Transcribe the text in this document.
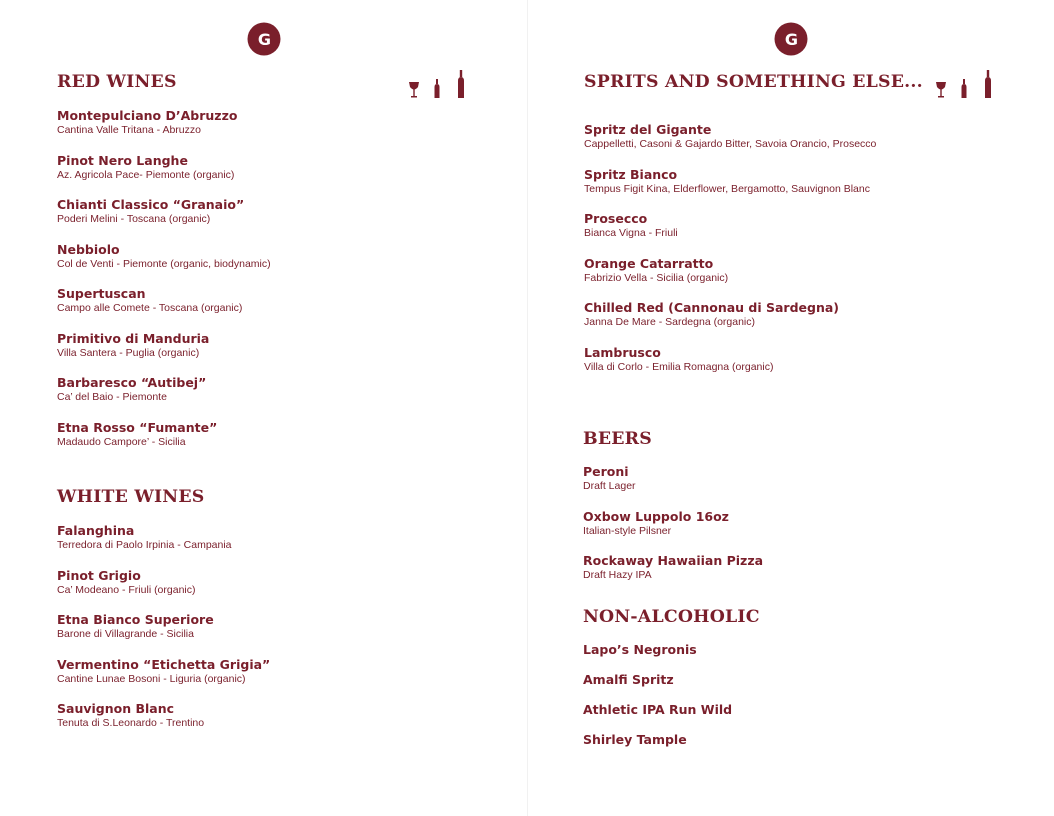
G
RED WINES
Montepulciano D’Abruzzo
Cantina Valle Tritana - Abruzzo
Pinot Nero Langhe
Az. Agricola Pace- Piemonte (organic)
Chianti Classico “Granaio”
Poderi Melini - Toscana (organic)
Nebbiolo
Col de Venti - Piemonte (organic, biodynamic)
Supertuscan
Campo alle Comete - Toscana (organic)
Primitivo di Manduria
Villa Santera - Puglia (organic)
Barbaresco “Autibej”
Ca’ del Baio - Piemonte
Etna Rosso “Fumante”
Madaudo Campore’ - Sicilia
WHITE WINES
Falanghina
Terredora di Paolo Irpinia - Campania
Pinot Grigio
Ca’ Modeano - Friuli (organic)
Etna Bianco Superiore
Barone di Villagrande - Sicilia
Vermentino “Etichetta Grigia”
Cantine Lunae Bosoni - Liguria (organic)
Sauvignon Blanc
Tenuta di S.Leonardo - Trentino
G
SPRITS AND SOMETHING ELSE...
Spritz del Gigante
Cappelletti, Casoni & Gajardo Bitter, Savoia Orancio, Prosecco
Spritz Bianco
Tempus Figit Kina, Elderflower, Bergamotto, Sauvignon Blanc
Prosecco
Bianca Vigna - Friuli
Orange Catarratto
Fabrizio Vella - Sicilia (organic)
Chilled Red (Cannonau di Sardegna)
Janna De Mare - Sardegna (organic)
Lambrusco
Villa di Corlo - Emilia Romagna (organic)
BEERS
Peroni
Draft Lager
Oxbow Luppolo 16oz
Italian-style Pilsner
Rockaway Hawaiian Pizza
Draft Hazy IPA
NON-ALCOHOLIC
Lapo’s Negronis
Amalfi Spritz
Athletic IPA Run Wild
Shirley Tample
